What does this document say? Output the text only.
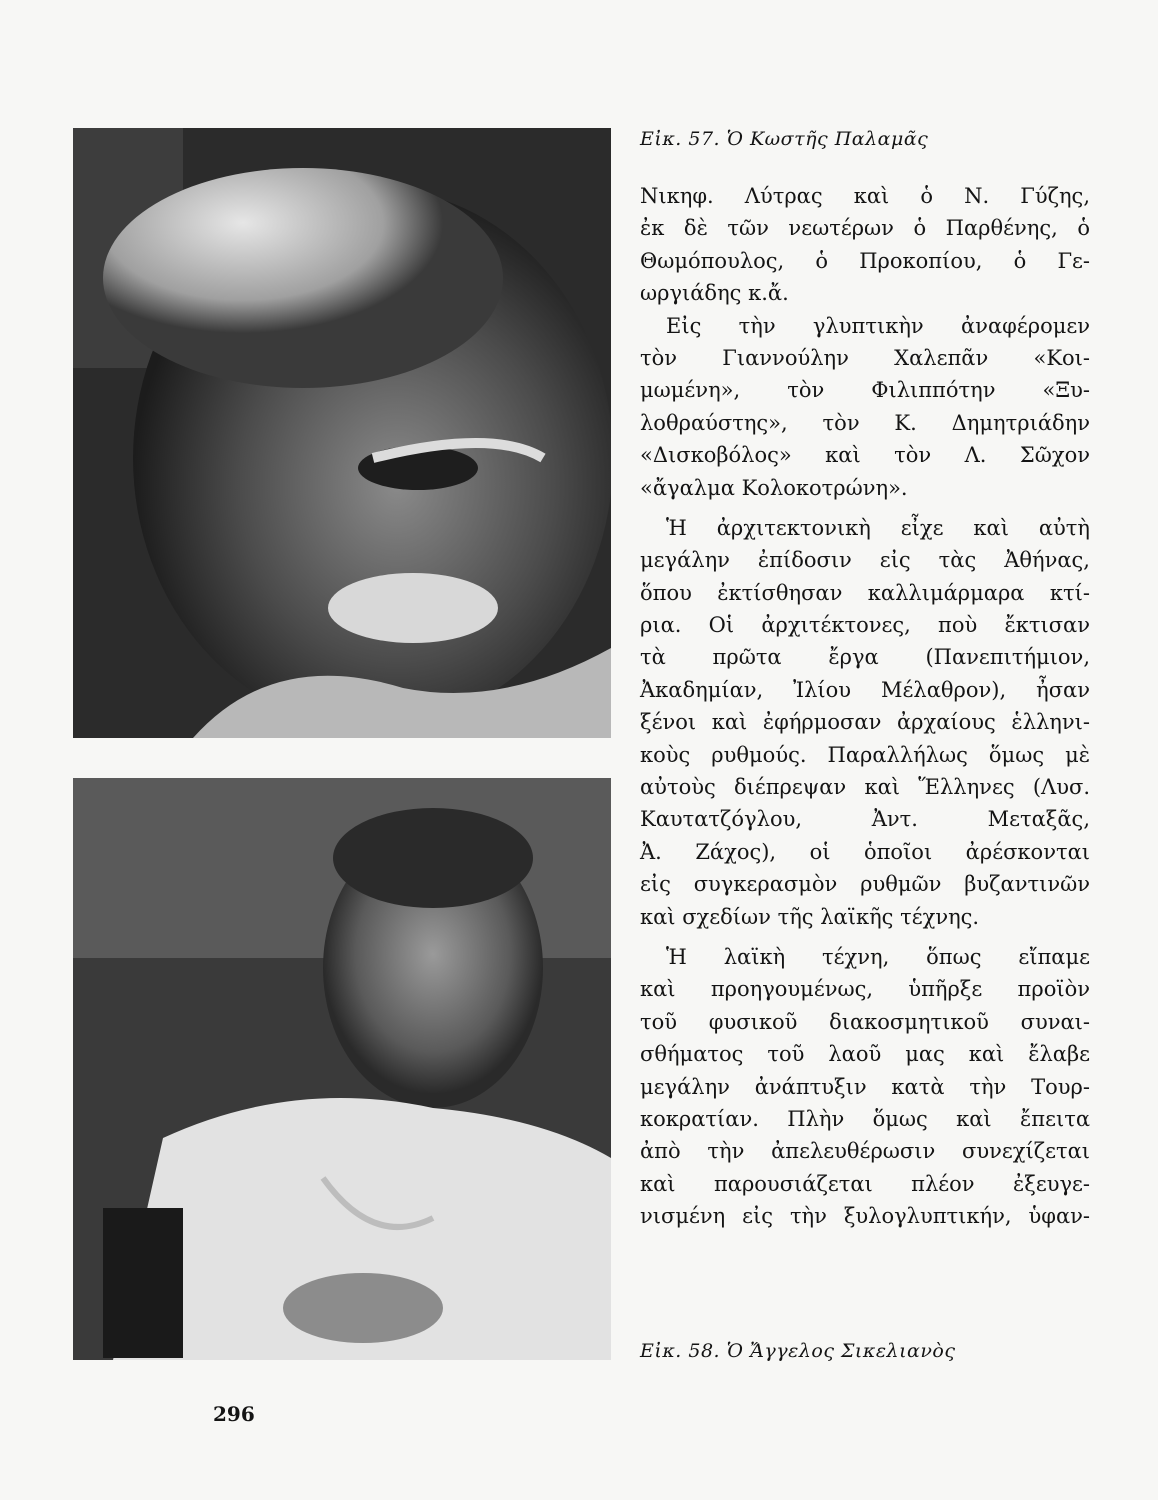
Εἰκ. 57. Ὁ Κωστῆς Παλαμᾶς
Νικηφ. Λύτρας καὶ ὁ Ν. Γύζης,
ἐκ δὲ τῶν νεωτέρων ὁ Παρθένης, ὁ
Θωμόπουλος, ὁ Προκοπίου, ὁ Γε-
ωργιάδης κ.ἄ.
Εἰς τὴν γλυπτικὴν ἀναφέρομεν
τὸν Γιαννούλην Χαλεπᾶν «Κοι-
μωμένη», τὸν Φιλιππότην «Ξυ-
λοθραύστης», τὸν Κ. Δημητριάδην
«Δισκοβόλος» καὶ τὸν Λ. Σῶχον
«ἄγαλμα Κολοκοτρώνη».
Ἡ ἀρχιτεκτονικὴ εἶχε καὶ αὐτὴ
μεγάλην ἐπίδοσιν εἰς τὰς Ἀθήνας,
ὅπου ἐκτίσθησαν καλλιμάρμαρα κτί-
ρια. Οἱ ἀρχιτέκτονες, ποὺ ἔκτισαν
τὰ πρῶτα ἔργα (Πανεπιτήμιον,
Ἀκαδημίαν, Ἰλίου Μέλαθρον), ἦσαν
ξένοι καὶ ἐφήρμοσαν ἀρχαίους ἑλληνι-
κοὺς ρυθμούς. Παραλλήλως ὅμως μὲ
αὐτοὺς διέπρεψαν καὶ Ἕλληνες (Λυσ.
Καυτατζόγλου, Ἀντ. Μεταξᾶς,
Ἀ. Ζάχος), οἱ ὁποῖοι ἀρέσκονται
εἰς συγκερασμὸν ρυθμῶν βυζαντινῶν
καὶ σχεδίων τῆς λαϊκῆς τέχνης.
Ἡ λαϊκὴ τέχνη, ὅπως εἴπαμε
καὶ προηγουμένως, ὑπῆρξε προϊὸν
τοῦ φυσικοῦ διακοσμητικοῦ συναι-
σθήματος τοῦ λαοῦ μας καὶ ἔλαβε
μεγάλην ἀνάπτυξιν κατὰ τὴν Τουρ-
κοκρατίαν. Πλὴν ὅμως καὶ ἔπειτα
ἀπὸ τὴν ἀπελευθέρωσιν συνεχίζεται
καὶ παρουσιάζεται πλέον ἐξευγε-
νισμένη εἰς τὴν ξυλογλυπτικήν, ὑφαν-
Εἰκ. 58. Ὁ Ἄγγελος Σικελιανὸς
296
